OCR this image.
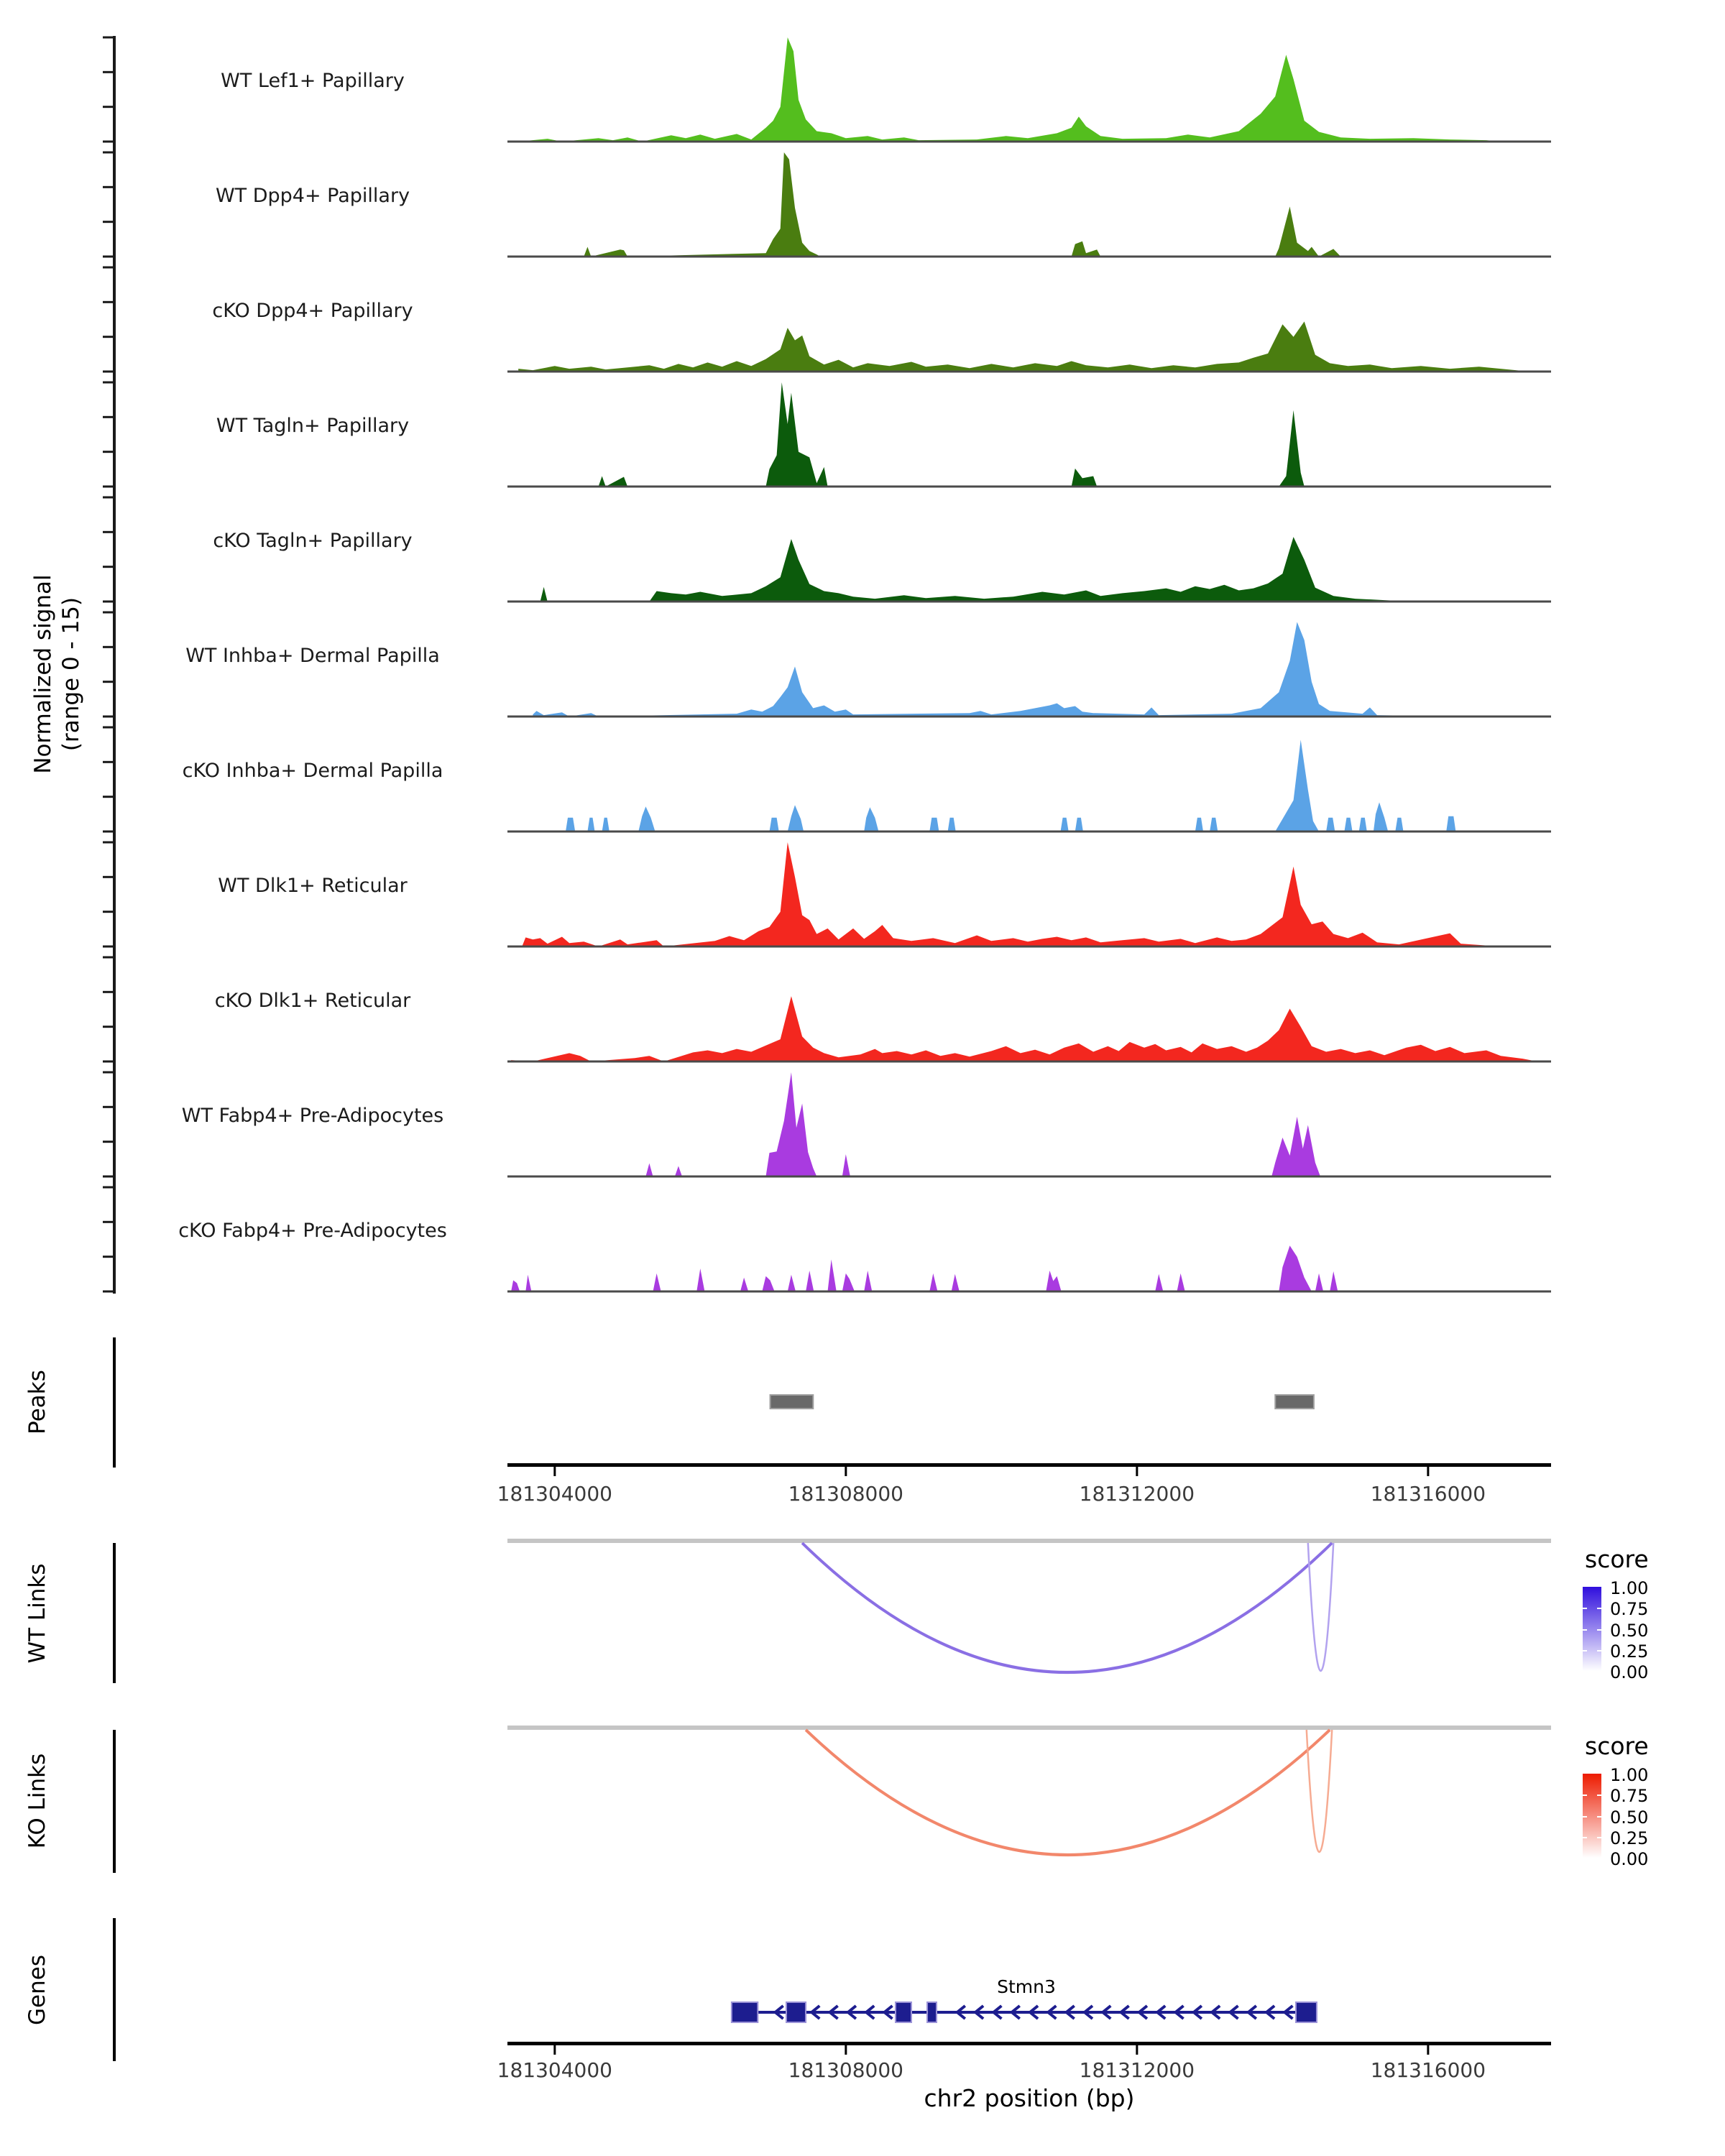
Normalized signal (range 0 - 15)
Peaks
WT Links
KO Links
Genes
score
score
Stmn3
chr2 position (bp)
WT Lef1+ Papillary
WT Dpp4+ Papillary
cKO Dpp4+ Papillary
WT Tagln+ Papillary
cKO Tagln+ Papillary
WT Inhba+ Dermal Papilla
cKO Inhba+ Dermal Papilla
WT Dlk1+ Reticular
cKO Dlk1+ Reticular
WT Fabp4+ Pre-Adipocytes
cKO Fabp4+ Pre-Adipocytes
181304000	181308000	181312000	181316000
181304000	181308000	181312000	181316000
1.00
0.75
0.50
0.25
0.00
1.00
0.75
0.50
0.25
0.00
